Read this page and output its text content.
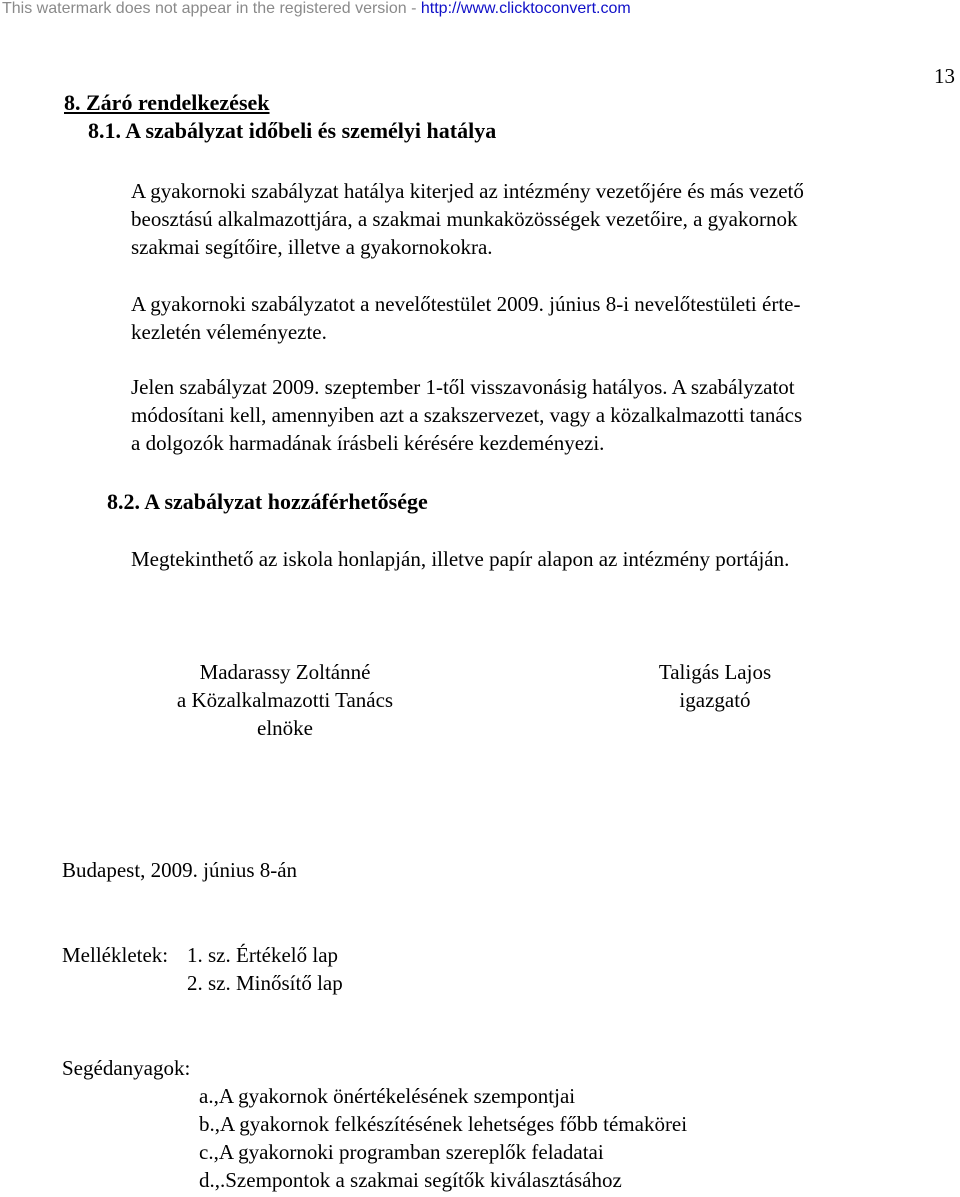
This watermark does not appear in the registered version - http://www.clicktoconvert.com
13
8. Záró rendelkezések
8.1. A szabályzat időbeli és személyi hatálya
A gyakornoki szabályzat hatálya kiterjed az intézmény vezetőjére és más vezető
beosztású alkalmazottjára, a szakmai munkaközösségek vezetőire, a gyakornok
szakmai segítőire, illetve a gyakornokokra.
A gyakornoki szabályzatot a nevelőtestület 2009. június 8-i nevelőtestületi érte-
kezletén véleményezte.
Jelen szabályzat 2009. szeptember 1-től visszavonásig hatályos. A szabályzatot
módosítani kell, amennyiben azt a szakszervezet, vagy a közalkalmazotti tanács
a dolgozók harmadának írásbeli kérésére kezdeményezi.
8.2. A szabályzat hozzáférhetősége
Megtekinthető az iskola honlapján, illetve papír alapon az intézmény portáján.
Madarassy Zoltánné
a Közalkalmazotti Tanács
elnöke
Taligás Lajos
igazgató
Budapest, 2009. június 8-án
Mellékletek: 1. sz. Értékelő lap
2. sz. Minősítő lap
Segédanyagok:
a.,A gyakornok önértékelésének szempontjai
b.,A gyakornok felkészítésének lehetséges főbb témakörei
c.,A gyakornoki programban szereplők feladatai
d.,.Szempontok a szakmai segítők kiválasztásához
